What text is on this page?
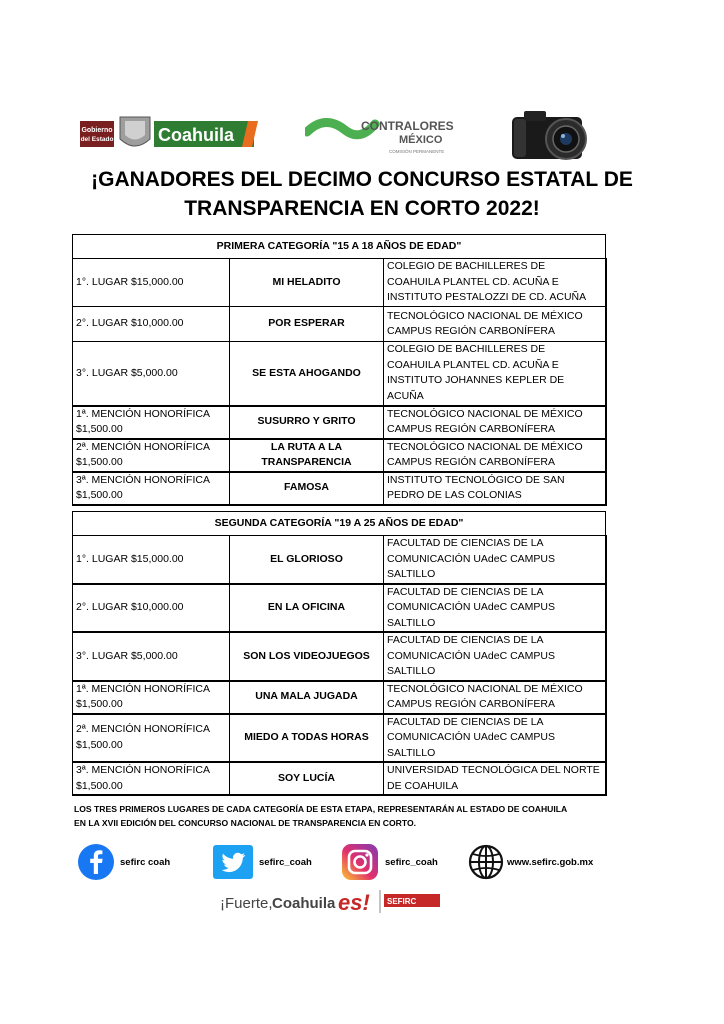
Gobierno
del Estado Coahuila	CONTRALORES
MÉXICO
COMISIÓN PERMANENTE
¡GANADORES DEL DECIMO CONCURSO ESTATAL DE
TRANSPARENCIA EN CORTO 2022!
PRIMERA CATEGORÍA "15 A 18 AÑOS DE EDAD"		
1°. LUGAR $15,000.00	MI HELADITO	COLEGIO DE BACHILLERES DE COAHUILA PLANTEL CD. ACUÑA E INSTITUTO PESTALOZZI DE CD. ACUÑA
2°. LUGAR $10,000.00	POR ESPERAR	TECNOLÓGICO NACIONAL DE MÉXICO CAMPUS REGIÓN CARBONÍFERA
3°. LUGAR $5,000.00	SE ESTA AHOGANDO	COLEGIO DE BACHILLERES DE COAHUILA PLANTEL CD. ACUÑA E INSTITUTO JOHANNES KEPLER DE ACUÑA
1ª. MENCIÓN HONORÍFICA $1,500.00	SUSURRO Y GRITO	TECNOLÓGICO NACIONAL DE MÉXICO CAMPUS REGIÓN CARBONÍFERA
2ª. MENCIÓN HONORÍFICA $1,500.00	LA RUTA A LA TRANSPARENCIA	TECNOLÓGICO NACIONAL DE MÉXICO CAMPUS REGIÓN CARBONÍFERA
3ª. MENCIÓN HONORÍFICA $1,500.00	FAMOSA	INSTITUTO TECNOLÓGICO DE SAN PEDRO DE LAS COLONIAS
SEGUNDA CATEGORÍA "19 A 25 AÑOS DE EDAD"		
1°. LUGAR $15,000.00	EL GLORIOSO	FACULTAD DE CIENCIAS DE LA COMUNICACIÓN UAdeC CAMPUS SALTILLO
2°. LUGAR $10,000.00	EN LA OFICINA	FACULTAD DE CIENCIAS DE LA COMUNICACIÓN UAdeC CAMPUS SALTILLO
3°. LUGAR $5,000.00	SON LOS VIDEOJUEGOS	FACULTAD DE CIENCIAS DE LA COMUNICACIÓN UAdeC CAMPUS SALTILLO
1ª. MENCIÓN HONORÍFICA $1,500.00	UNA MALA JUGADA	TECNOLÓGICO NACIONAL DE MÉXICO CAMPUS REGIÓN CARBONÍFERA
2ª. MENCIÓN HONORÍFICA $1,500.00	MIEDO A TODAS HORAS	FACULTAD DE CIENCIAS DE LA COMUNICACIÓN UAdeC CAMPUS SALTILLO
3ª. MENCIÓN HONORÍFICA $1,500.00	SOY LUCÍA	UNIVERSIDAD TECNOLÓGICA DEL NORTE DE COAHUILA
LOS TRES PRIMEROS LUGARES DE CADA CATEGORÍA DE ESTA ETAPA, REPRESENTARÁN AL ESTADO DE COAHUILA
EN LA XVII EDICIÓN DEL CONCURSO NACIONAL DE TRANSPARENCIA EN CORTO.
sefirc coah	sefirc_coah	sefirc_coah	www.sefirc.gob.mx
¡Fuerte, Coahuila es! SEFIRC
